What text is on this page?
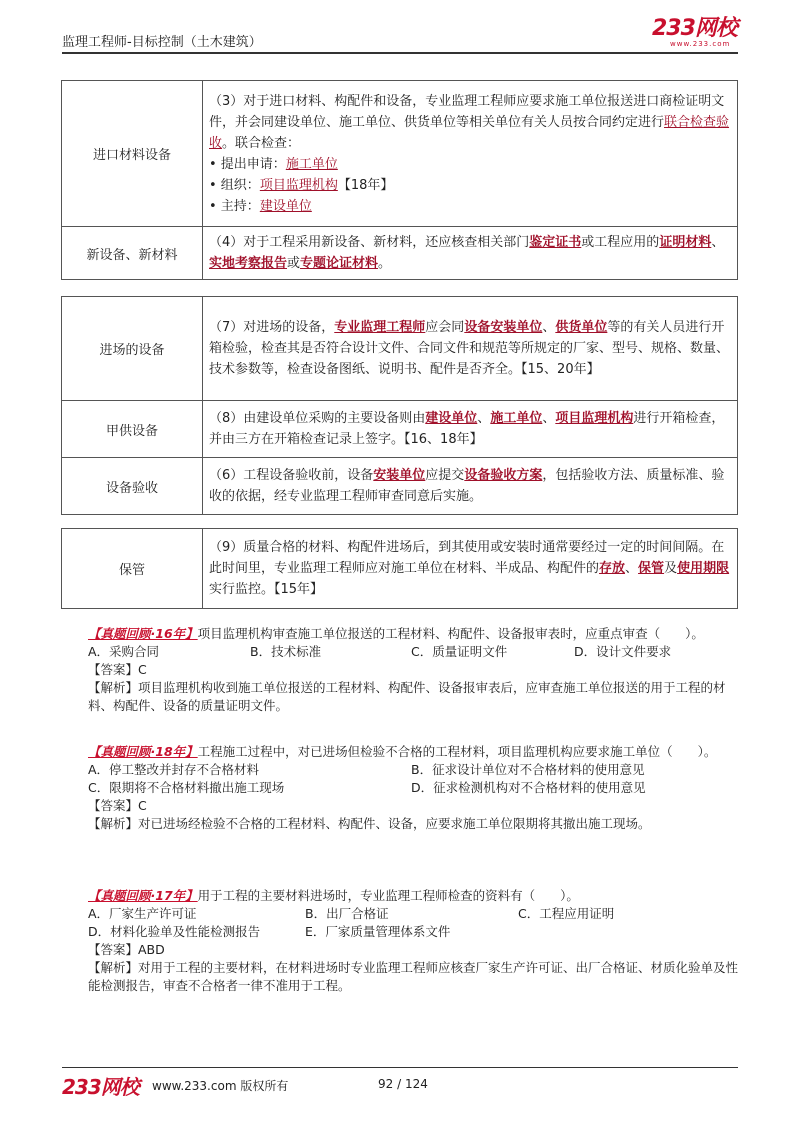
监理工程师-目标控制（土木建筑）
233网校
www.233.com
进口材料设备	（3）对于进口材料、构配件和设备，专业监理工程师应要求施工单位报送进口商检证明文件，并会同建设单位、施工单位、供货单位等相关单位有关人员按合同约定进行联合检查验收。联合检查：
• 提出申请：施工单位
• 组织：项目监理机构【18年】
• 主持：建设单位

新设备、新材料	（4）对于工程采用新设备、新材料，还应核查相关部门鉴定证书或工程应用的证明材料、实地考察报告或专题论证材料。
进场的设备	（7）对进场的设备，专业监理工程师应会同设备安装单位、供货单位等的有关人员进行开箱检验，检查其是否符合设计文件、合同文件和规范等所规定的厂家、型号、规格、数量、技术参数等，检查设备图纸、说明书、配件是否齐全。【15、20年】
甲供设备	（8）由建设单位采购的主要设备则由建设单位、施工单位、项目监理机构进行开箱检查，并由三方在开箱检查记录上签字。【16、18年】
设备验收	（6）工程设备验收前，设备安装单位应提交设备验收方案，包括验收方法、质量标准、验收的依据，经专业监理工程师审查同意后实施。
保管	（9）质量合格的材料、构配件进场后，到其使用或安装时通常要经过一定的时间间隔。在此时间里，专业监理工程师应对施工单位在材料、半成品、构配件的存放、保管及使用期限实行监控。【15年】
【真题回顾·16年】项目监理机构审查施工单位报送的工程材料、构配件、设备报审表时，应重点审查（　　）。
A．采购合同	B．技术标准	C．质量证明文件	D．设计文件要求
【答案】C
【解析】项目监理机构收到施工单位报送的工程材料、构配件、设备报审表后，应审查施工单位报送的用于工程的材料、构配件、设备的质量证明文件。
【真题回顾·18年】工程施工过程中，对已进场但检验不合格的工程材料，项目监理机构应要求施工单位（　　）。
A．停工整改并封存不合格材料	B．征求设计单位对不合格材料的使用意见
C．限期将不合格材料撤出施工现场	D．征求检测机构对不合格材料的使用意见
【答案】C
【解析】对已进场经检验不合格的工程材料、构配件、设备，应要求施工单位限期将其撤出施工现场。
【真题回顾·17年】用于工程的主要材料进场时，专业监理工程师检查的资料有（　　）。
A．厂家生产许可证	B．出厂合格证	C．工程应用证明
D．材料化验单及性能检测报告	E．厂家质量管理体系文件
【答案】ABD
【解析】对用于工程的主要材料，在材料进场时专业监理工程师应核查厂家生产许可证、出厂合格证、材质化验单及性能检测报告，审查不合格者一律不准用于工程。
233网校 www.233.com 版权所有	92 / 124
